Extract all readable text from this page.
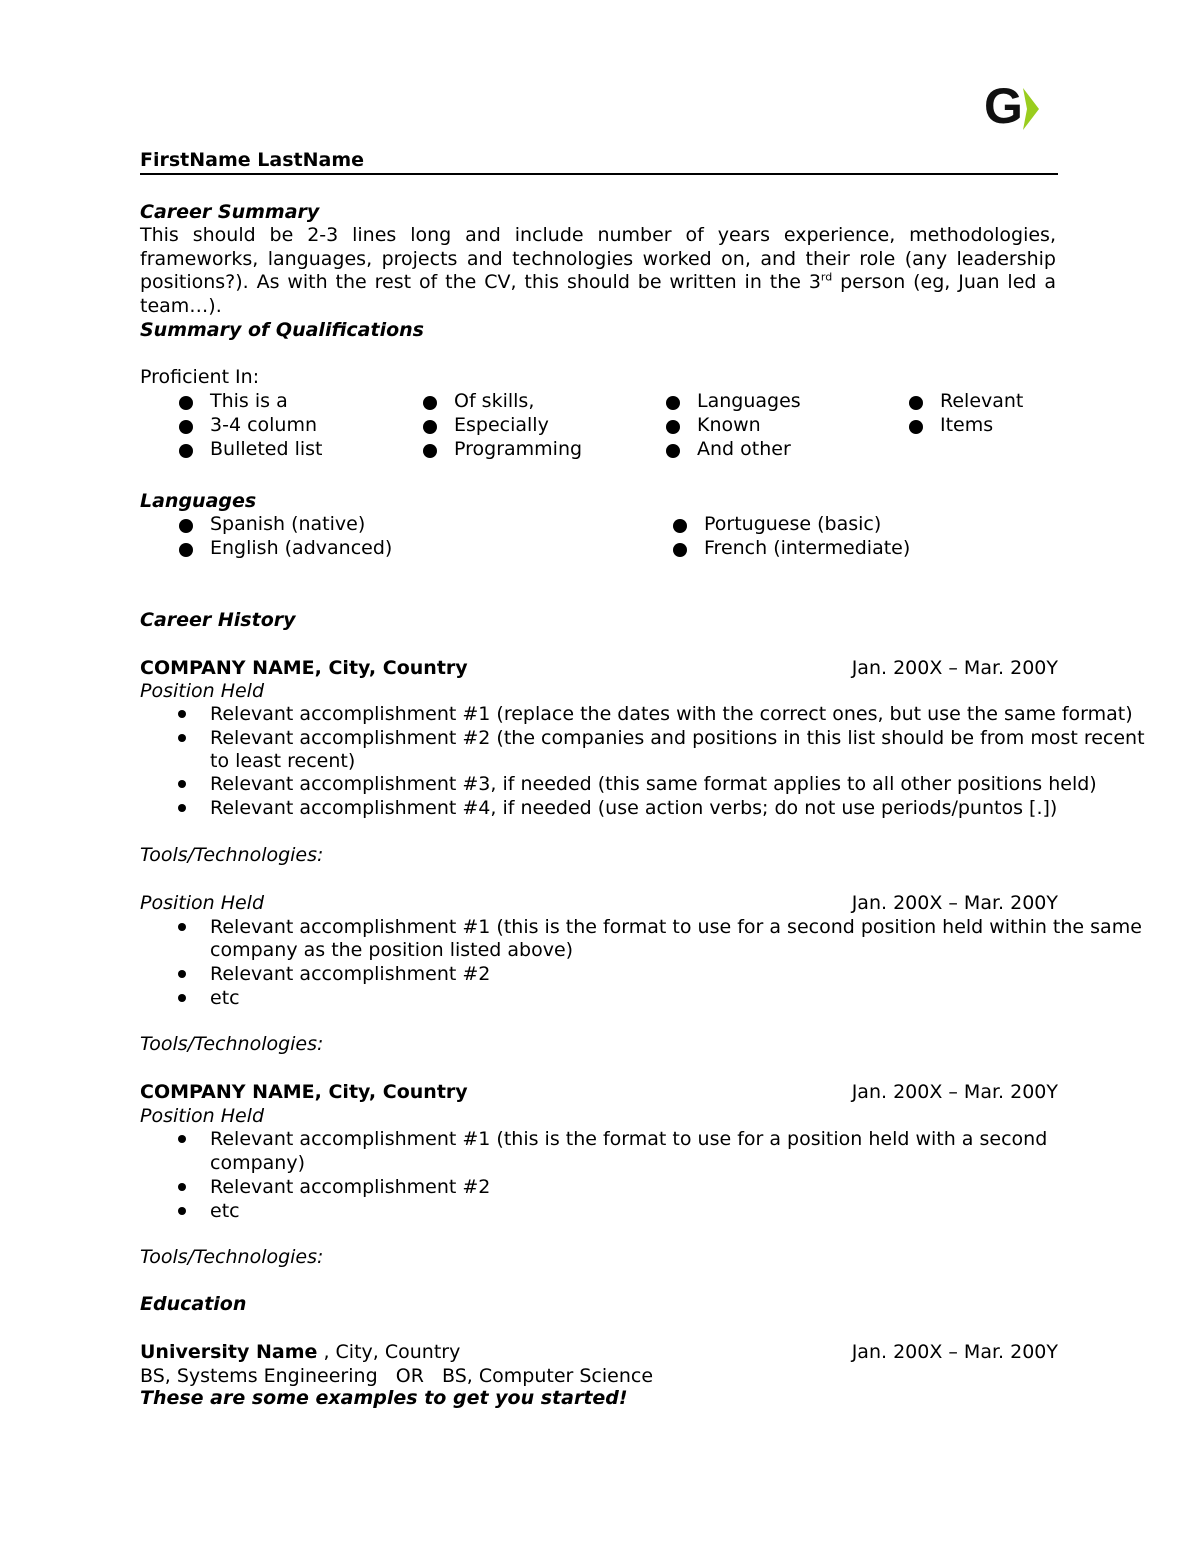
G
FirstName LastName
Career Summary
This should be 2-3 lines long and include number of years experience, methodologies, frameworks, languages, projects and technologies worked on, and their role (any leadership positions?). As with the rest of the CV, this should be written in the 3rd person (eg, Juan led a team…).
Summary of Qualifications
Proficient In:
This is a
3-4 column
Bulleted list
Of skills,
Especially
Programming
Languages
Known
And other
Relevant
Items
Languages
Spanish (native)
English (advanced)
Portuguese (basic)
French (intermediate)
Career History
COMPANY NAME, City, Country	Jan. 200X – Mar. 200Y
Position Held
Relevant accomplishment #1 (replace the dates with the correct ones, but use the same format)
Relevant accomplishment #2 (the companies and positions in this list should be from most recent
to least recent)
Relevant accomplishment #3, if needed (this same format applies to all other positions held)
Relevant accomplishment #4, if needed (use action verbs; do not use periods/puntos [.])
Tools/Technologies:
Position Held	Jan. 200X – Mar. 200Y
Relevant accomplishment #1 (this is the format to use for a second position held within the same
company as the position listed above)
Relevant accomplishment #2
etc
Tools/Technologies:
COMPANY NAME, City, Country	Jan. 200X – Mar. 200Y
Position Held
Relevant accomplishment #1 (this is the format to use for a position held with a second
company)
Relevant accomplishment #2
etc
Tools/Technologies:
Education
University Name , City, Country	Jan. 200X – Mar. 200Y
BS, Systems Engineering   OR   BS, Computer Science
These are some examples to get you started!
